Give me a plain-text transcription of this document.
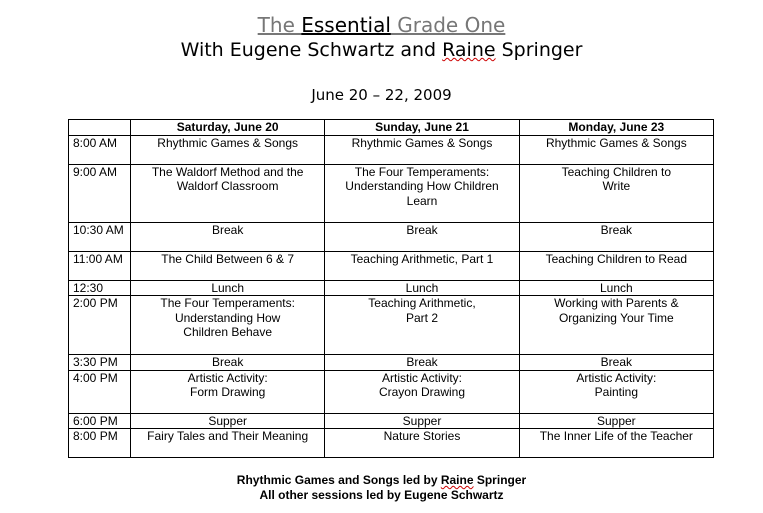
The Essential Grade One
With Eugene Schwartz and Raine Springer
June 20 – 22, 2009
	Saturday, June 20	Sunday, June 21	Monday, June 23
8:00 AM	Rhythmic Games & Songs	Rhythmic Games & Songs	Rhythmic Games & Songs
9:00 AM	The Waldorf Method and the Waldorf Classroom	The Four Temperaments: Understanding How Children Learn	Teaching Children to Write
10:30 AM	Break	Break	Break
11:00 AM	The Child Between 6 & 7	Teaching Arithmetic, Part 1	Teaching Children to Read
12:30	Lunch	Lunch	Lunch
2:00 PM	The Four Temperaments: Understanding How Children Behave	Teaching Arithmetic, Part 2	Working with Parents & Organizing Your Time
3:30 PM	Break	Break	Break
4:00 PM	Artistic Activity: Form Drawing	Artistic Activity: Crayon Drawing	Artistic Activity: Painting
6:00 PM	Supper	Supper	Supper
8:00 PM	Fairy Tales and Their Meaning	Nature Stories	The Inner Life of the Teacher
Rhythmic Games and Songs led by Raine Springer
All other sessions led by Eugene Schwartz
